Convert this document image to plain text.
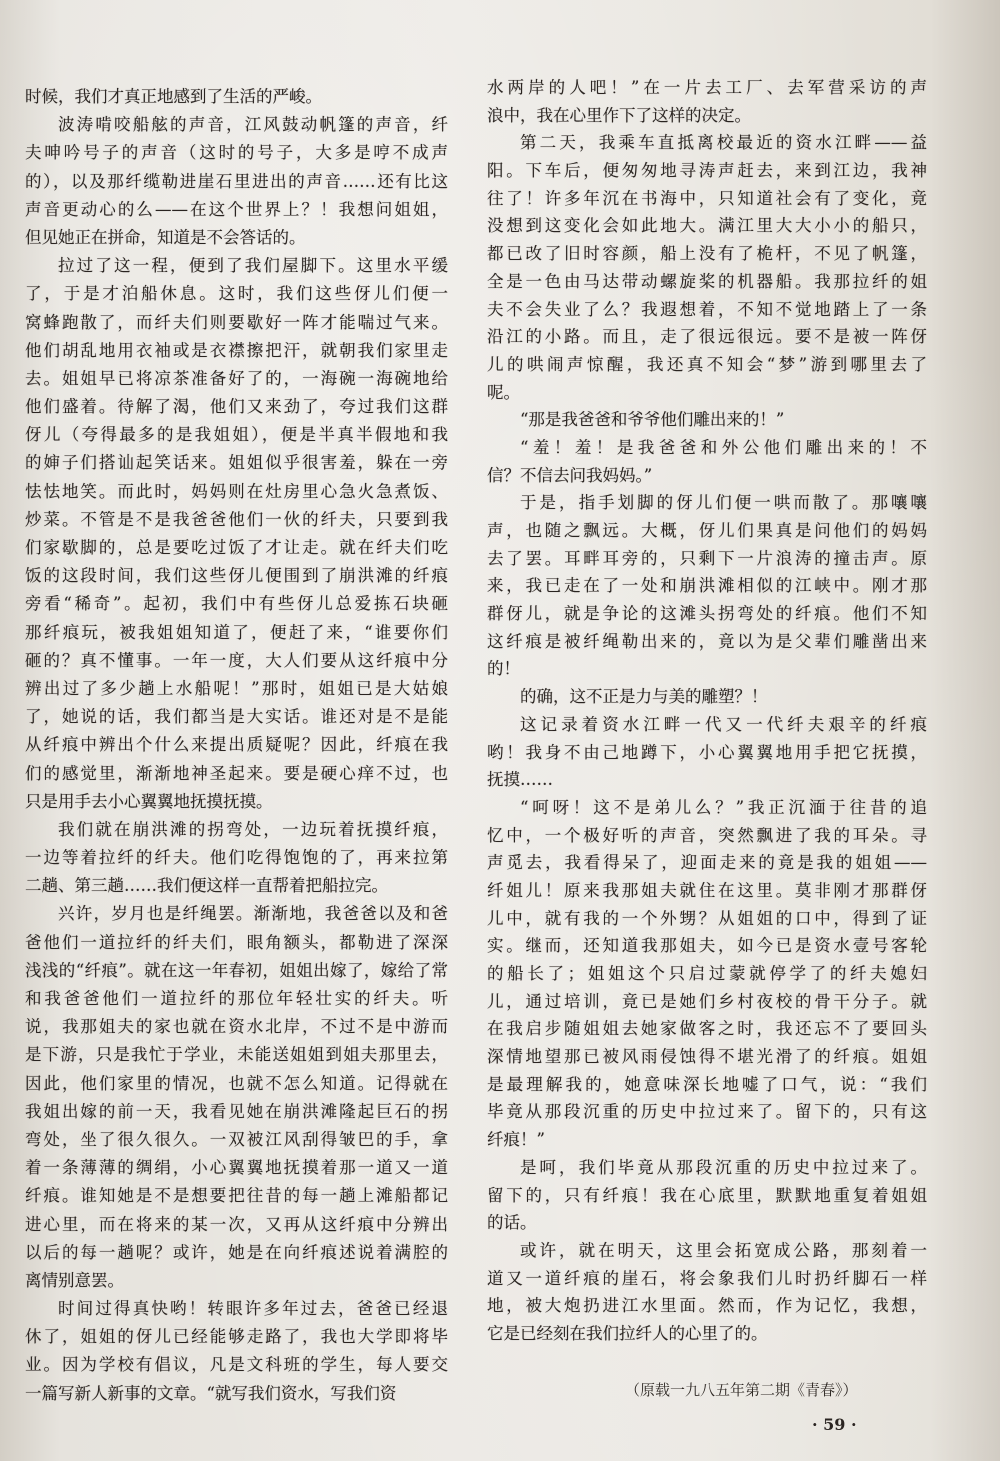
时候，我们才真正地感到了生活的严峻。
波涛啃咬船舷的声音，江风鼓动帆篷的声音，纤
夫呻吟号子的声音（这时的号子，大多是哼不成声
的），以及那纤缆勒进崖石里进出的声音……还有比这
声音更动心的么——在这个世界上？！我想问姐姐，
但见她正在拼命，知道是不会答话的。
拉过了这一程，便到了我们屋脚下。这里水平缓
了，于是才泊船休息。这时，我们这些伢儿们便一
窝蜂跑散了，而纤夫们则要歇好一阵才能喘过气来。
他们胡乱地用衣袖或是衣襟擦把汗，就朝我们家里走
去。姐姐早已将凉茶准备好了的，一海碗一海碗地给
他们盛着。待解了渴，他们又来劲了，夸过我们这群
伢儿（夸得最多的是我姐姐），便是半真半假地和我
的婶子们搭讪起笑话来。姐姐似乎很害羞，躲在一旁
怯怯地笑。而此时，妈妈则在灶房里心急火急煮饭、
炒菜。不管是不是我爸爸他们一伙的纤夫，只要到我
们家歇脚的，总是要吃过饭了才让走。就在纤夫们吃
饭的这段时间，我们这些伢儿便围到了崩洪滩的纤痕
旁看“稀奇”。起初，我们中有些伢儿总爱拣石块砸
那纤痕玩，被我姐姐知道了，便赶了来，“谁要你们
砸的？真不懂事。一年一度，大人们要从这纤痕中分
辨出过了多少趟上水船呢！”那时，姐姐已是大姑娘
了，她说的话，我们都当是大实话。谁还对是不是能
从纤痕中辨出个什么来提出质疑呢？因此，纤痕在我
们的感觉里，渐渐地神圣起来。要是硬心痒不过，也
只是用手去小心翼翼地抚摸抚摸。
我们就在崩洪滩的拐弯处，一边玩着抚摸纤痕，
一边等着拉纤的纤夫。他们吃得饱饱的了，再来拉第
二趟、第三趟……我们便这样一直帮着把船拉完。
兴许，岁月也是纤绳罢。渐渐地，我爸爸以及和爸
爸他们一道拉纤的纤夫们，眼角额头，都勒进了深深
浅浅的“纤痕”。就在这一年春初，姐姐出嫁了，嫁给了常
和我爸爸他们一道拉纤的那位年轻壮实的纤夫。听
说，我那姐夫的家也就在资水北岸，不过不是中游而
是下游，只是我忙于学业，未能送姐姐到姐夫那里去，
因此，他们家里的情况，也就不怎么知道。记得就在
我姐出嫁的前一天，我看见她在崩洪滩隆起巨石的拐
弯处，坐了很久很久。一双被江风刮得皱巴的手，拿
着一条薄薄的绸绢，小心翼翼地抚摸着那一道又一道
纤痕。谁知她是不是想要把往昔的每一趟上滩船都记
进心里，而在将来的某一次，又再从这纤痕中分辨出
以后的每一趟呢？或许，她是在向纤痕述说着满腔的
离情别意罢。
时间过得真快哟！转眼许多年过去，爸爸已经退
休了，姐姐的伢儿已经能够走路了，我也大学即将毕
业。因为学校有倡议，凡是文科班的学生，每人要交
一篇写新人新事的文章。“就写我们资水，写我们资
水两岸的人吧！”在一片去工厂、去军营采访的声
浪中，我在心里作下了这样的决定。
第二天，我乘车直抵离校最近的资水江畔——益
阳。下车后，便匆匆地寻涛声赶去，来到江边，我神
往了！许多年沉在书海中，只知道社会有了变化，竟
没想到这变化会如此地大。满江里大大小小的船只，
都已改了旧时容颜，船上没有了桅杆，不见了帆篷，
全是一色由马达带动螺旋桨的机器船。我那拉纤的姐
夫不会失业了么？我遐想着，不知不觉地踏上了一条
沿江的小路。而且，走了很远很远。要不是被一阵伢
儿的哄闹声惊醒，我还真不知会“梦”游到哪里去了
呢。
“那是我爸爸和爷爷他们雕出来的！”
“羞！羞！是我爸爸和外公他们雕出来的！不
信？不信去问我妈妈。”
于是，指手划脚的伢儿们便一哄而散了。那嚷嚷
声，也随之飘远。大概，伢儿们果真是问他们的妈妈
去了罢。耳畔耳旁的，只剩下一片浪涛的撞击声。原
来，我已走在了一处和崩洪滩相似的江峡中。刚才那
群伢儿，就是争论的这滩头拐弯处的纤痕。他们不知
这纤痕是被纤绳勒出来的，竟以为是父辈们雕凿出来
的！
的确，这不正是力与美的雕塑？！
这记录着资水江畔一代又一代纤夫艰辛的纤痕
哟！我身不由己地蹲下，小心翼翼地用手把它抚摸，
抚摸……
“呵呀！这不是弟儿么？”我正沉湎于往昔的追
忆中，一个极好听的声音，突然飘进了我的耳朵。寻
声觅去，我看得呆了，迎面走来的竟是我的姐姐——
纤姐儿！原来我那姐夫就住在这里。莫非刚才那群伢
儿中，就有我的一个外甥？从姐姐的口中，得到了证
实。继而，还知道我那姐夫，如今已是资水壹号客轮
的船长了；姐姐这个只启过蒙就停学了的纤夫媳妇
儿，通过培训，竟已是她们乡村夜校的骨干分子。就
在我启步随姐姐去她家做客之时，我还忘不了要回头
深情地望那已被风雨侵蚀得不堪光滑了的纤痕。姐姐
是最理解我的，她意味深长地嘘了口气，说：“我们
毕竟从那段沉重的历史中拉过来了。留下的，只有这
纤痕！”
是呵，我们毕竟从那段沉重的历史中拉过来了。
留下的，只有纤痕！我在心底里，默默地重复着姐姐
的话。
或许，就在明天，这里会拓宽成公路，那刻着一
道又一道纤痕的崖石，将会象我们儿时扔纤脚石一样
地，被大炮扔进江水里面。然而，作为记忆，我想，
它是已经刻在我们拉纤人的心里了的。
（原载一九八五年第二期《青春》）
· 59 ·
